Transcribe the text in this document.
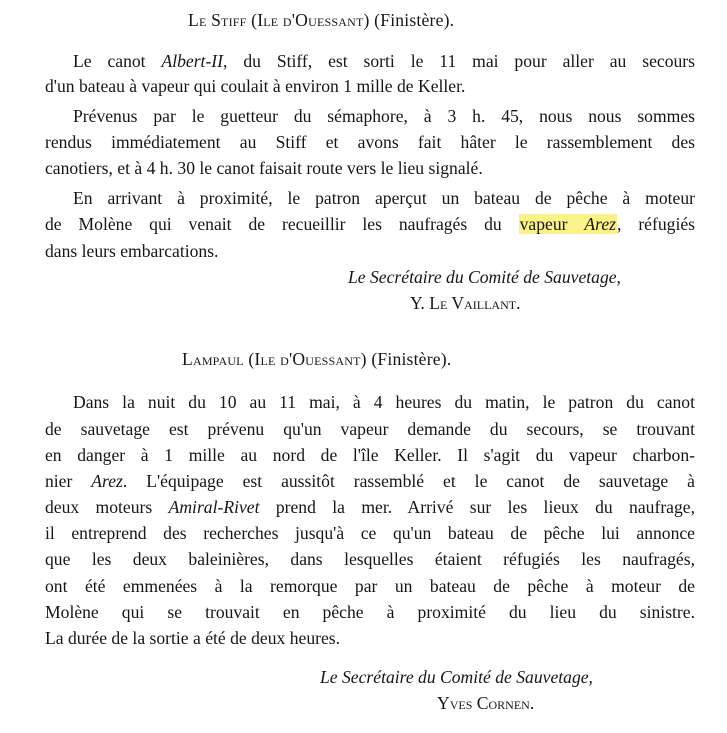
Le Stiff (Ile d'Ouessant) (Finistère).
Le canot Albert-II, du Stiff, est sorti le 11 mai pour aller au secours
d'un bateau à vapeur qui coulait à environ 1 mille de Keller.
Prévenus par le guetteur du sémaphore, à 3 h. 45, nous nous sommes
rendus immédiatement au Stiff et avons fait hâter le rassemblement des
canotiers, et à 4 h. 30 le canot faisait route vers le lieu signalé.
En arrivant à proximité, le patron aperçut un bateau de pêche à moteur
de Molène qui venait de recueillir les naufragés du vapeur Arez, réfugiés
dans leurs embarcations.
Le Secrétaire du Comité de Sauvetage,
Y. Le Vaillant.
Lampaul (Ile d'Ouessant) (Finistère).
Dans la nuit du 10 au 11 mai, à 4 heures du matin, le patron du canot
de sauvetage est prévenu qu'un vapeur demande du secours, se trouvant
en danger à 1 mille au nord de l'île Keller. Il s'agit du vapeur charbon-
nier Arez. L'équipage est aussitôt rassemblé et le canot de sauvetage à
deux moteurs Amiral-Rivet prend la mer. Arrivé sur les lieux du naufrage,
il entreprend des recherches jusqu'à ce qu'un bateau de pêche lui annonce
que les deux baleinières, dans lesquelles étaient réfugiés les naufragés,
ont été emmenées à la remorque par un bateau de pêche à moteur de
Molène qui se trouvait en pêche à proximité du lieu du sinistre.
La durée de la sortie a été de deux heures.
Le Secrétaire du Comité de Sauvetage,
Yves Cornen.
